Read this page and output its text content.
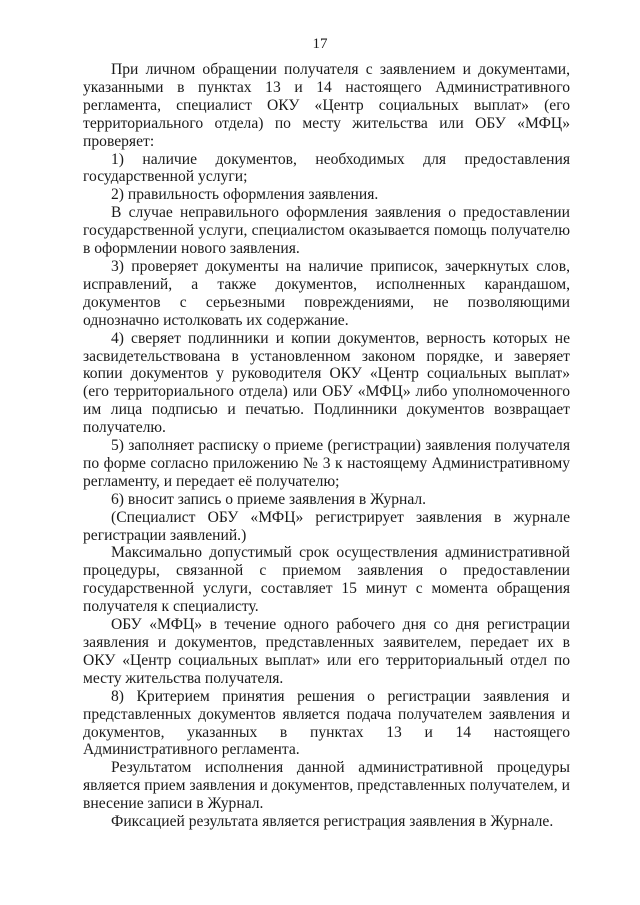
17

При личном обращении получателя с заявлением и документами, указанными в пунктах 13 и 14 настоящего Административного регламента, специалист ОКУ «Центр социальных выплат» (его территориального отдела) по месту жительства или ОБУ «МФЦ» проверяет:

1) наличие документов, необходимых для предоставления государственной услуги;

2) правильность оформления заявления.

В случае неправильного оформления заявления о предоставлении государственной услуги, специалистом оказывается помощь получателю в оформлении нового заявления.

3) проверяет документы на наличие приписок, зачеркнутых слов, исправлений, а также документов, исполненных карандашом, документов с серьезными повреждениями, не позволяющими однозначно истолковать их содержание.

4) сверяет подлинники и копии документов, верность которых не засвидетельствована в установленном законом порядке, и заверяет копии документов у руководителя ОКУ «Центр социальных выплат» (его территориального отдела) или ОБУ «МФЦ» либо уполномоченного им лица подписью и печатью. Подлинники документов возвращает получателю.

5) заполняет расписку о приеме (регистрации) заявления получателя по форме согласно приложению № 3 к настоящему Административному регламенту, и передает её получателю;

6) вносит запись о приеме заявления в Журнал.

(Специалист ОБУ «МФЦ» регистрирует заявления в журнале регистрации заявлений.)

Максимально допустимый срок осуществления административной процедуры, связанной с приемом заявления о предоставлении государственной услуги, составляет 15 минут с момента обращения получателя к специалисту.

ОБУ «МФЦ» в течение одного рабочего дня со дня регистрации заявления и документов, представленных заявителем, передает их в ОКУ «Центр социальных выплат» или его территориальный отдел по месту жительства получателя.

8) Критерием принятия решения о регистрации заявления и представленных документов является подача получателем заявления и документов, указанных в пунктах 13 и 14 настоящего Административного регламента.

Результатом исполнения данной административной процедуры является прием заявления и документов, представленных получателем, и внесение записи в Журнал.

Фиксацией результата является регистрация заявления в Журнале.
